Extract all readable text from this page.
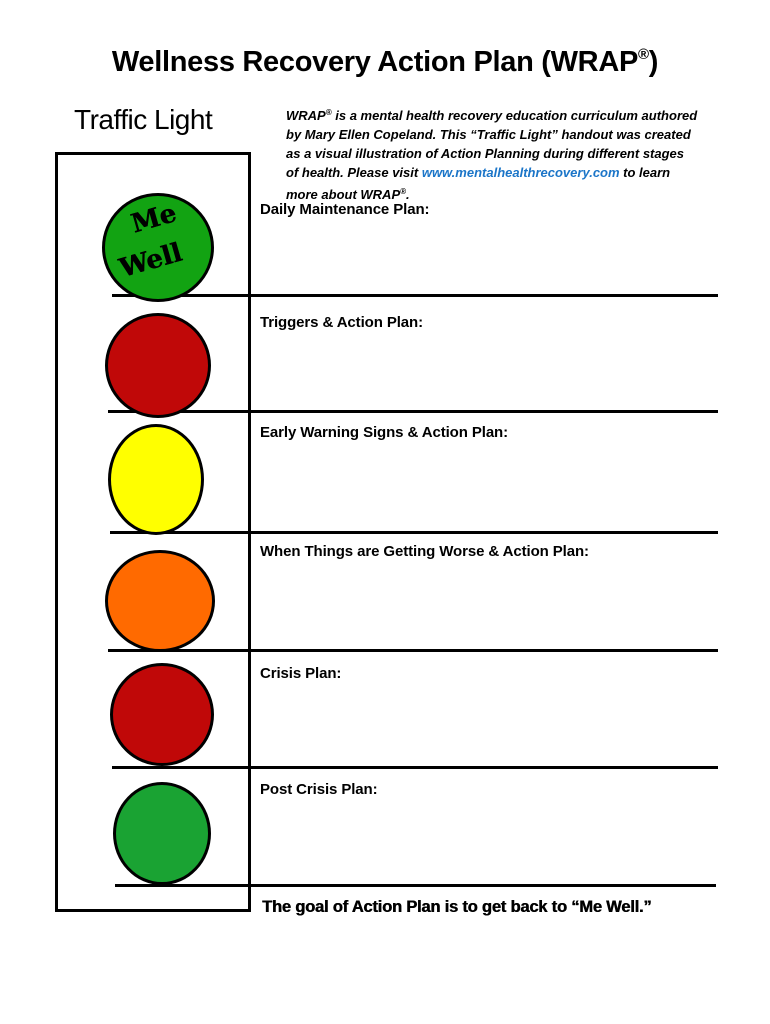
Wellness Recovery Action Plan (WRAP®)
Traffic Light	WRAP® is a mental health recovery education curriculum authored by Mary Ellen Copeland. This “Traffic Light” handout was created as a visual illustration of Action Planning during different stages of health. Please visit www.mentalhealthrecovery.com to learn more about WRAP®.

Me
Well
Daily Maintenance Plan:
Triggers & Action Plan:
Early Warning Signs & Action Plan:
When Things are Getting Worse & Action Plan:
Crisis Plan:
Post Crisis Plan:
The goal of Action Plan is to get back to “Me Well.”
